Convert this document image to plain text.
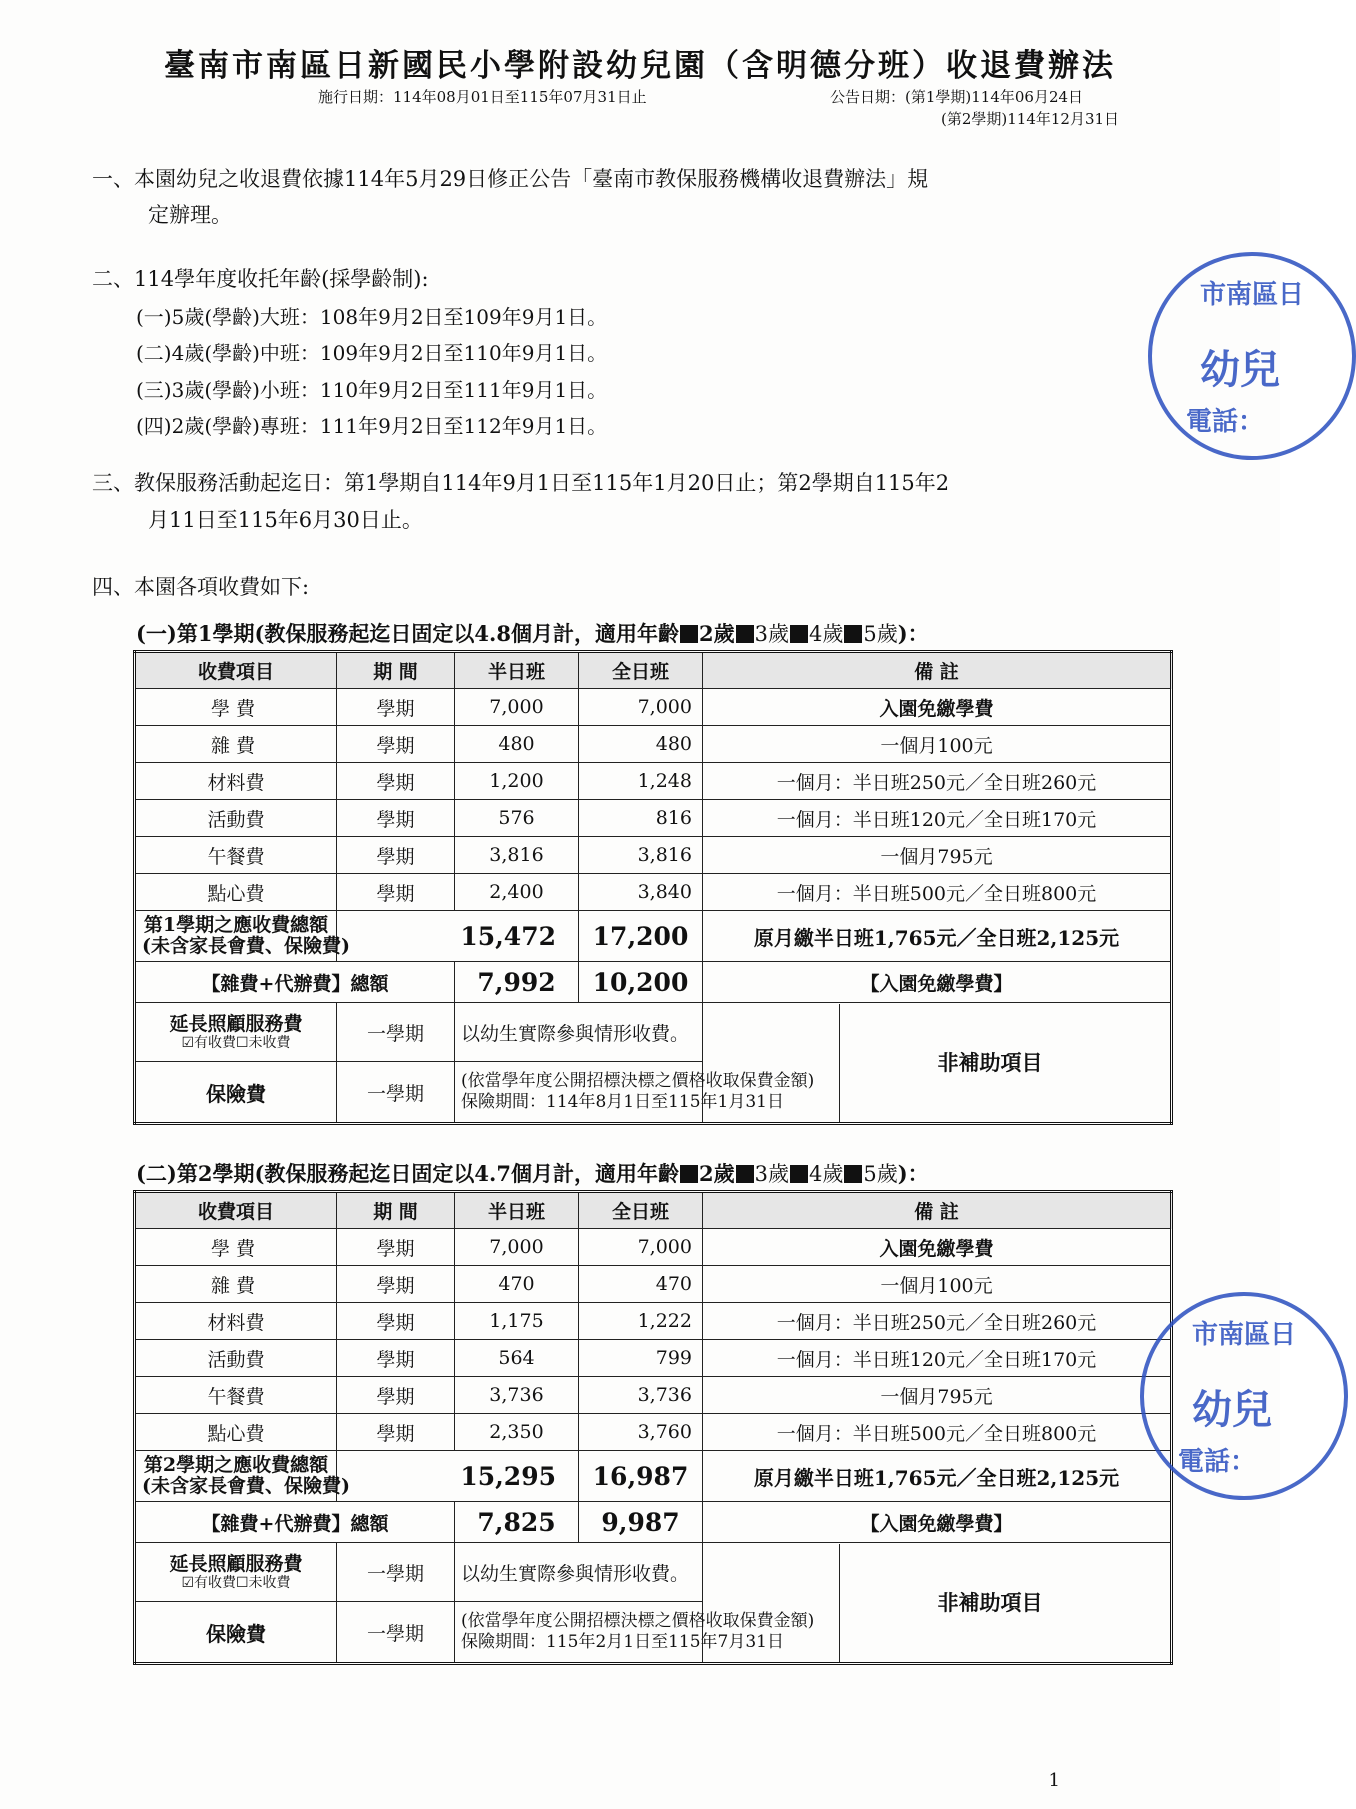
臺南市南區日新國民小學附設幼兒園（含明德分班）收退費辦法
施行日期：114年08月01日至115年07月31日止	公告日期：(第1學期)114年06月24日
(第2學期)114年12月31日
一、本園幼兒之收退費依據114年5月29日修正公告「臺南市教保服務機構收退費辦法」規
定辦理。
二、114學年度收托年齡(採學齡制):
(一)5歲(學齡)大班：108年9月2日至109年9月1日。
(二)4歲(學齡)中班：109年9月2日至110年9月1日。
(三)3歲(學齡)小班：110年9月2日至111年9月1日。
(四)2歲(學齡)專班：111年9月2日至112年9月1日。
三、教保服務活動起迄日：第1學期自114年9月1日至115年1月20日止；第2學期自115年2
月11日至115年6月30日止。
四、本園各項收費如下:
(一)第1學期(教保服務起迄日固定以4.8個月計，適用年齡 2歲 3歲 4歲 5歲)：
收費項目	期 間	半日班	全日班	備 註
學費	學期	7,000	7,000	入園免繳學費
雜費	學期	480	480	一個月100元
材料費	學期	1,200	1,248	一個月：半日班250元／全日班260元
活動費	學期	576	816	一個月：半日班120元／全日班170元
午餐費	學期	3,816	3,816	一個月795元
點心費	學期	2,400	3,840	一個月：半日班500元／全日班800元

第1學期之應收費總額
(未含家長會費、保險費)	15,472		17,200	原月繳半日班1,765元／全日班2,125元
【雜費+代辦費】總額		7,992	10,200	【入園免繳學費】

延長照顧服務費
☑有收費☐未收費	一學期	以幼生實際參與情形收費。		非補助項目
保險費	一學期	(依當學年度公開招標決標之價格收取保費金額)
保險期間：114年8月1日至115年1月31日		
(二)第2學期(教保服務起迄日固定以4.7個月計，適用年齡 2歲 3歲 4歲 5歲)：
收費項目	期 間	半日班	全日班	備 註
學費	學期	7,000	7,000	入園免繳學費
雜費	學期	470	470	一個月100元
材料費	學期	1,175	1,222	一個月：半日班250元／全日班260元
活動費	學期	564	799	一個月：半日班120元／全日班170元
午餐費	學期	3,736	3,736	一個月795元
點心費	學期	2,350	3,760	一個月：半日班500元／全日班800元

第2學期之應收費總額
(未含家長會費、保險費)	15,295		16,987	原月繳半日班1,765元／全日班2,125元
【雜費+代辦費】總額		7,825	9,987	【入園免繳學費】

延長照顧服務費
☑有收費☐未收費	一學期	以幼生實際參與情形收費。		非補助項目
保險費	一學期	(依當學年度公開招標決標之價格收取保費金額)
保險期間：115年2月1日至115年7月31日		
市南區日
幼兒
電話：
市南區日
幼兒
電話：
1
